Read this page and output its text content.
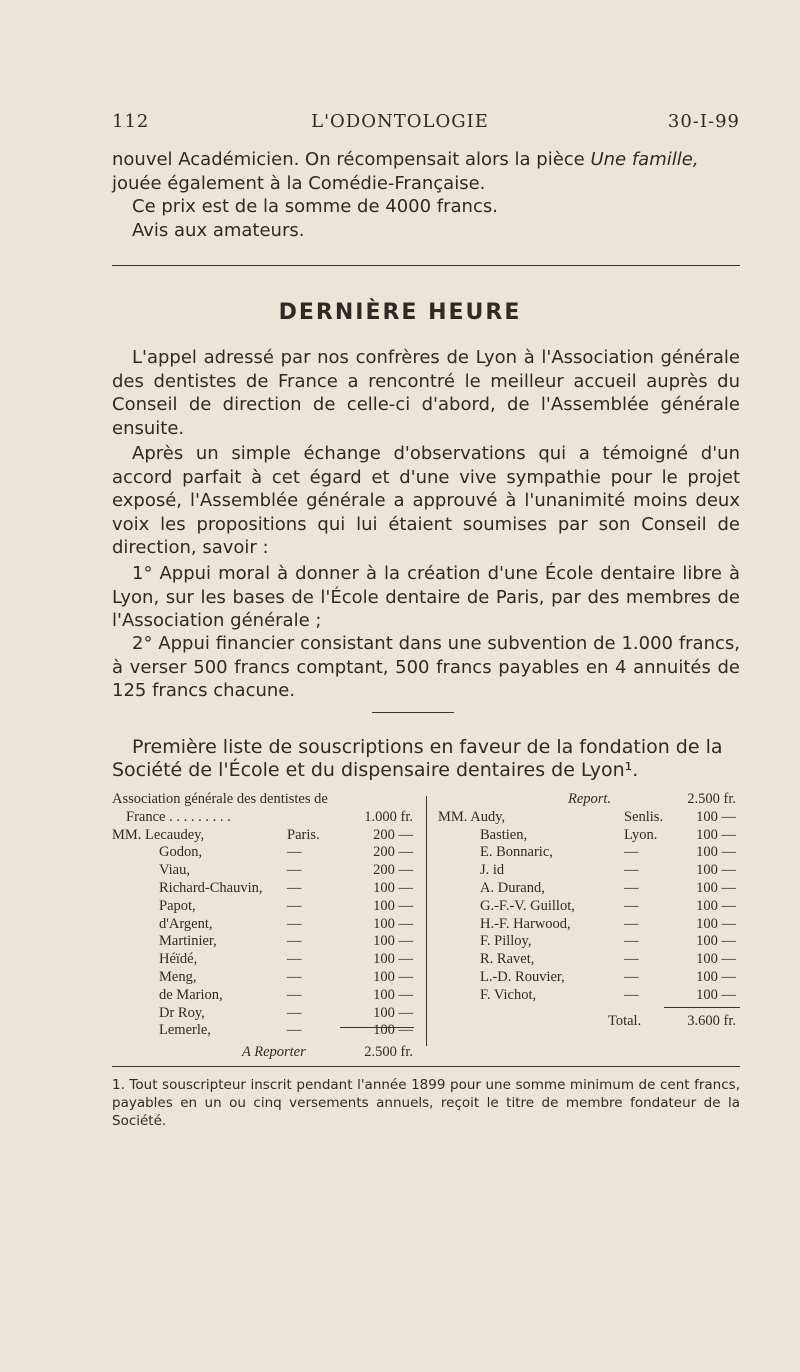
112	L'ODONTOLOGIE	30-I-99
nouvel Académicien. On récompensait alors la pièce Une famille,
jouée également à la Comédie-Française.
Ce prix est de la somme de 4000 francs.
Avis aux amateurs.
DERNIÈRE HEURE
L'appel adressé par nos confrères de Lyon à l'Association générale des dentistes de France a rencontré le meilleur accueil auprès du Conseil de direction de celle-ci d'abord, de l'Assemblée générale ensuite.
Après un simple échange d'observations qui a témoigné d'un accord parfait à cet égard et d'une vive sympathie pour le projet exposé, l'Assemblée générale a approuvé à l'unanimité moins deux voix les propositions qui lui étaient soumises par son Conseil de direction, savoir :
1° Appui moral à donner à la création d'une École dentaire libre à Lyon, sur les bases de l'École dentaire de Paris, par des membres de l'Association générale ;
2° Appui financier consistant dans une subvention de 1.000 francs, à verser 500 francs comptant, 500 francs payables en 4 annuités de 125 francs chacune.
Première liste de souscriptions en faveur de la fondation de la Société de l'École et du dispensaire dentaires de Lyon¹.
Association générale des dentistes de
France . . . . . . . . .	1.000 fr.
MM. Lecaudey,	Paris.	200 —
Godon,	—	200 —
Viau,	—	200 —
Richard-Chauvin, —	100 —
Papot,	—	100 —
d'Argent,	—	100 —
Martinier,	—	100 —
Héïdé,	—	100 —
Meng,	—	100 —
de Marion,	—	100 —
Dr Roy,	—	100 —
Lemerle,	—	100 —
A Reporter	2.500 fr.
Report.	2.500 fr.
MM. Audy,	Senlis. 100 —
Bastien,	Lyon.	100 —
E. Bonnaric,	—	100 —
J. id	—	100 —
A. Durand,	—	100 —
G.-F.-V. Guillot,	—	100 —
H.-F. Harwood,	—	100 —
F. Pilloy,	—	100 —
R. Ravet,	—	100 —
L.-D. Rouvier,	—	100 —
F. Vichot,	—	100 —
Total.	3.600 fr.
1. Tout souscripteur inscrit pendant l'année 1899 pour une somme minimum de cent francs, payables en un ou cinq versements annuels, reçoit le titre de membre fondateur de la Société.
